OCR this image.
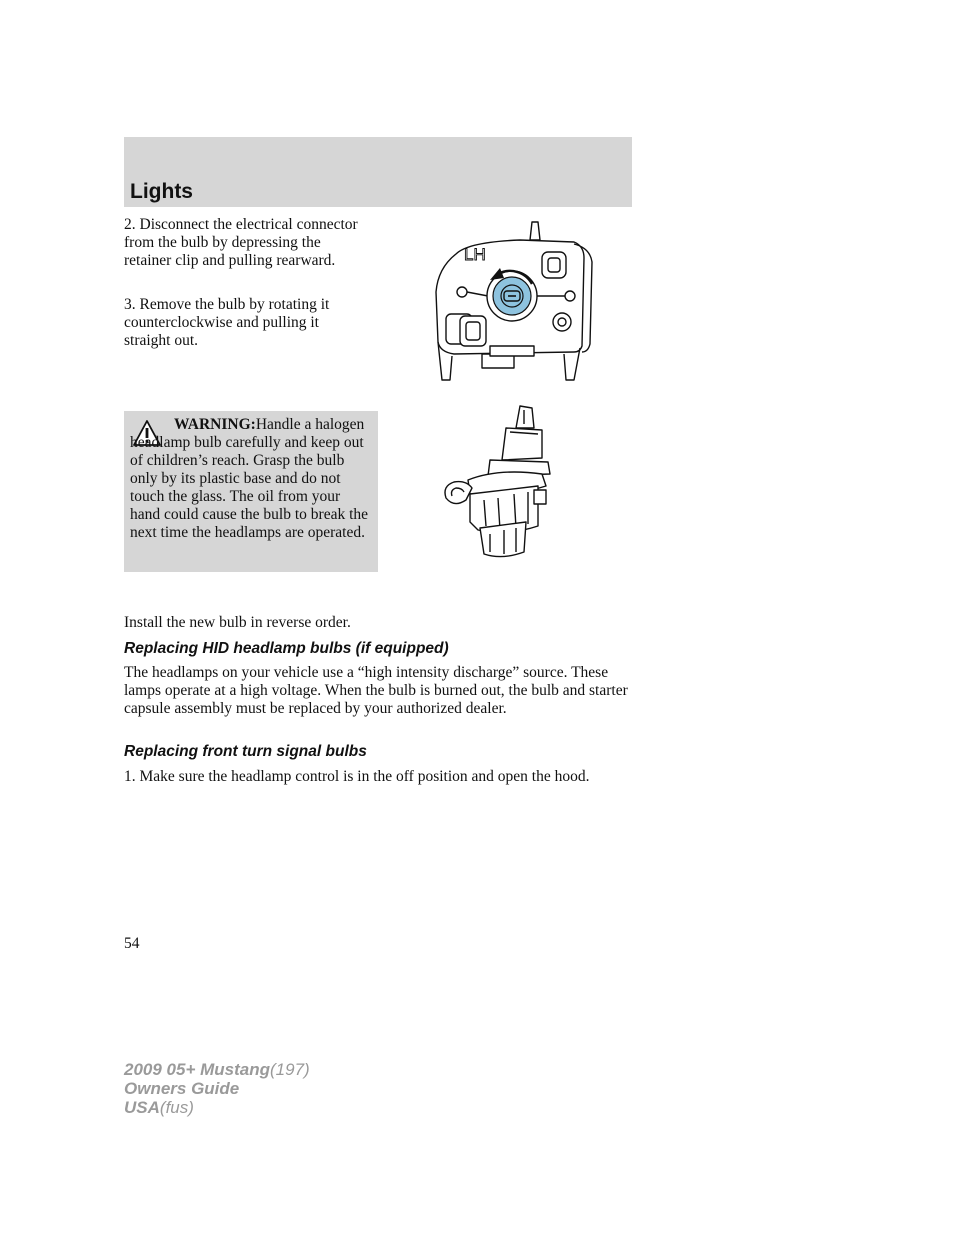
Lights

2. Disconnect the electrical connector from the bulb by depressing the retainer clip and pulling rearward.

3. Remove the bulb by rotating it counterclockwise and pulling it straight out.

LH

WARNING:Handle a halogen headlamp bulb carefully and keep out of children’s reach. Grasp the bulb only by its plastic base and do not touch the glass. The oil from your hand could cause the bulb to break the next time the headlamps are operated.

Install the new bulb in reverse order.

Replacing HID headlamp bulbs (if equipped)

The headlamps on your vehicle use a “high intensity discharge” source. These lamps operate at a high voltage. When the bulb is burned out, the bulb and starter capsule assembly must be replaced by your authorized dealer.

Replacing front turn signal bulbs

1. Make sure the headlamp control is in the off position and open the hood.

54

2009 05+ Mustang(197)
Owners Guide
USA(fus)
